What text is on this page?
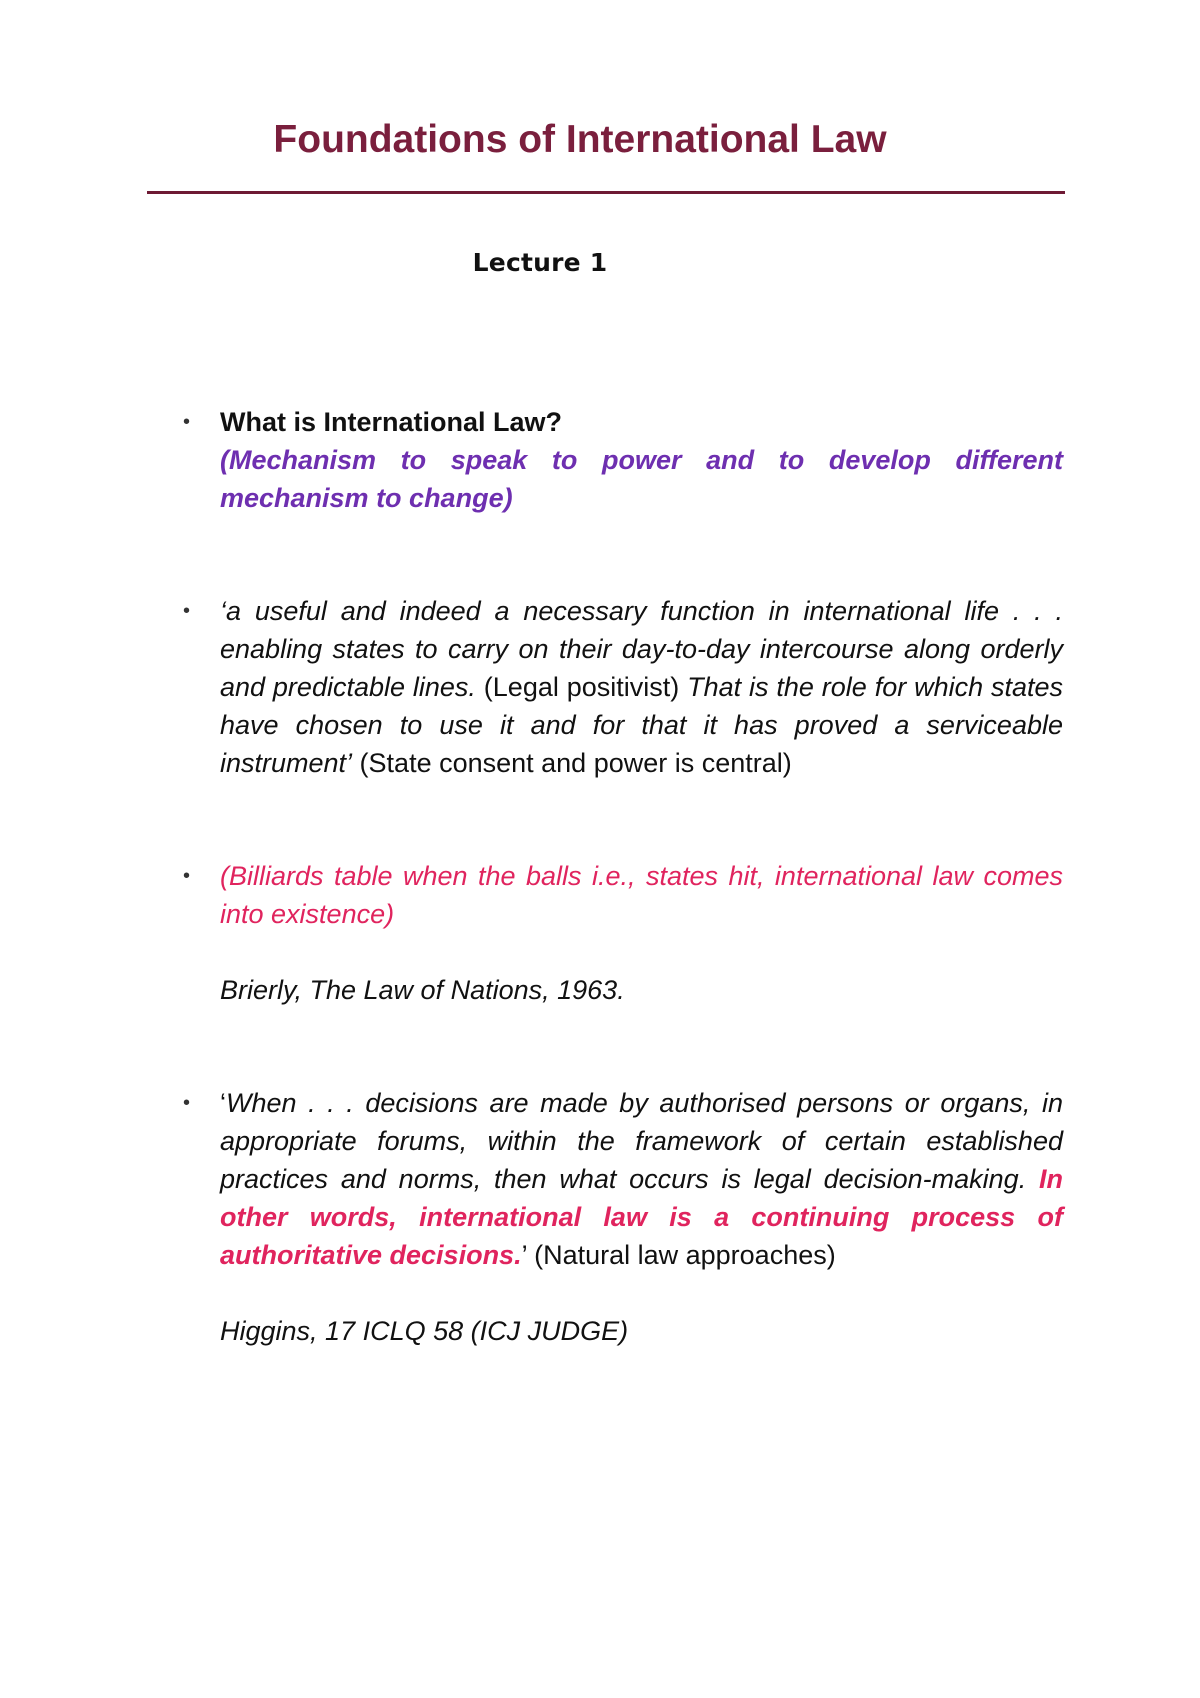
Foundations of International Law
Lecture 1
•	What is International Law?

(Mechanism to speak to power and to develop different mechanism to change)

•	‘a useful and indeed a necessary function in international life . . . enabling states to carry on their day-to-day intercourse along orderly and predictable lines. (Legal positivist) That is the role for which states have chosen to use it and for that it has proved a serviceable instrument’ (State consent and power is central)

•	(Billiards table when the balls i.e., states hit, international law comes into existence)

Brierly, The Law of Nations, 1963.

•	‘When . . . decisions are made by authorised persons or organs, in appropriate forums, within the framework of certain established practices and norms, then what occurs is legal decision-making. In other words, international law is a continuing process of authoritative decisions.’ (Natural law approaches)

Higgins, 17 ICLQ 58 (ICJ JUDGE)
